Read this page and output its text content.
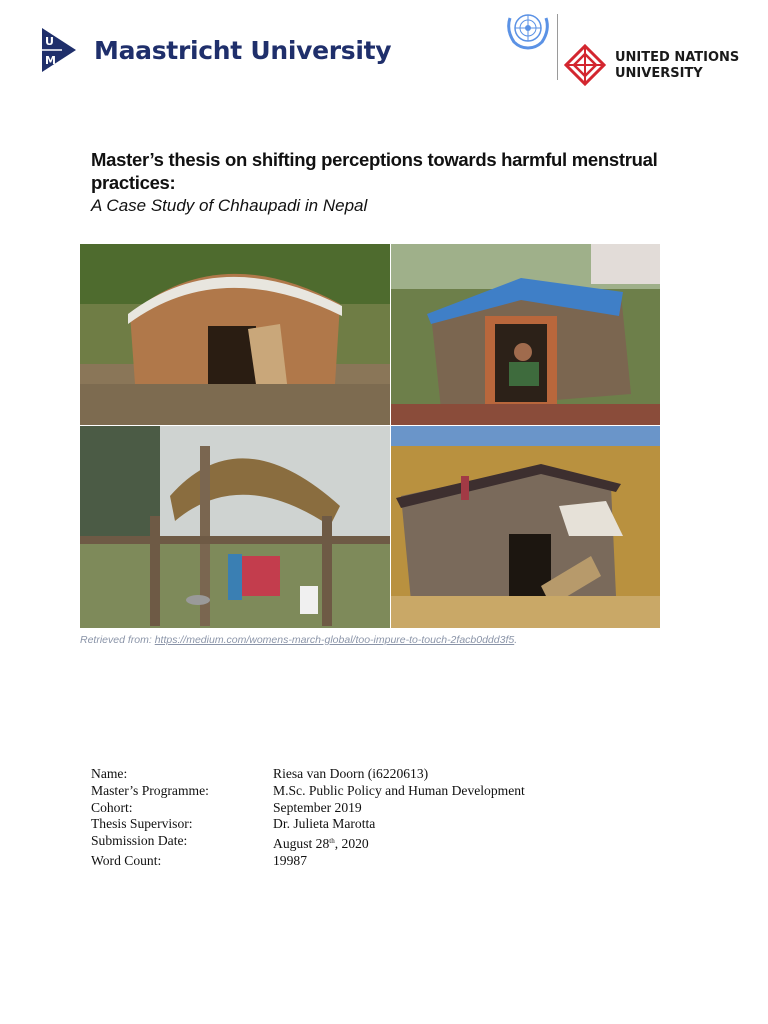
U
M Maastricht University	UNITED NATIONS
UNIVERSITY
Master’s thesis on shifting perceptions towards harmful menstrual practices:
A Case Study of Chhaupadi in Nepal
Retrieved from: https://medium.com/womens-march-global/too-impure-to-touch-2facb0ddd3f5.
Name:	Riesa van Doorn (i6220613)
Master’s Programme:	M.Sc. Public Policy and Human Development
Cohort:	September 2019
Thesis Supervisor:	Dr. Julieta Marotta
Submission Date:	August 28th, 2020
Word Count:	19987
